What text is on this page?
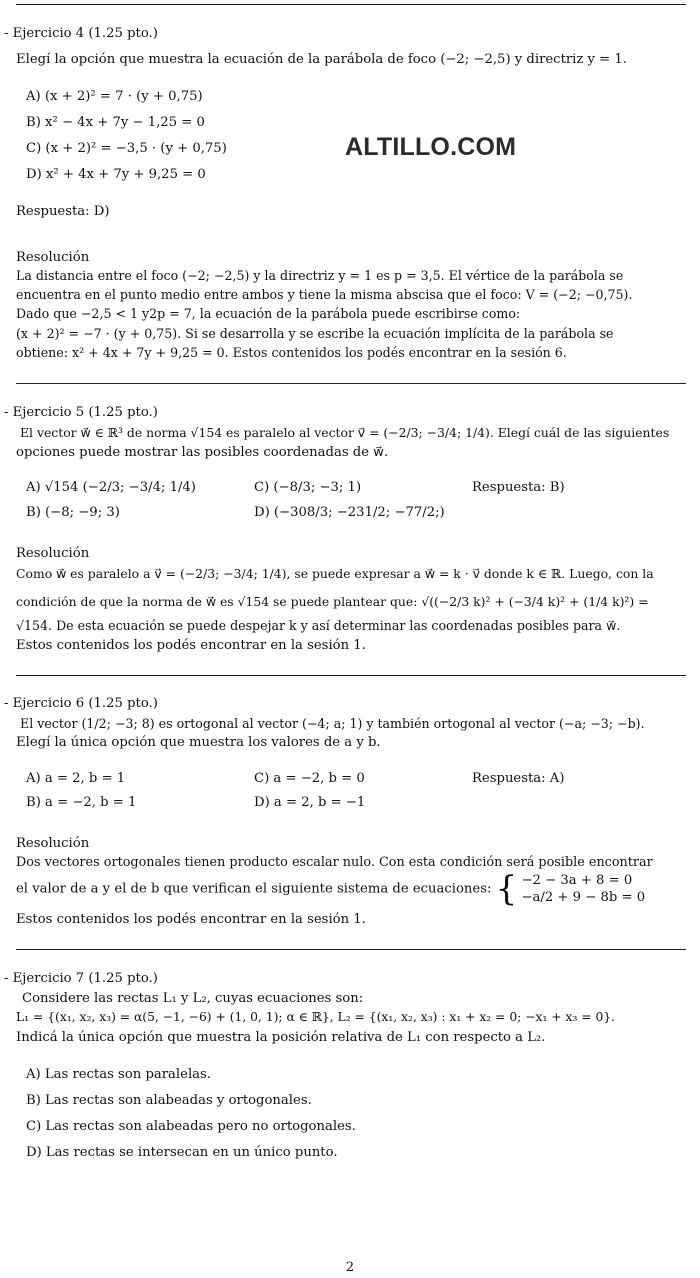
ALTILLO.COM
- Ejercicio 4 (1.25 pto.)
Elegí la opción que muestra la ecuación de la parábola de foco (−2; −2,5) y directriz y = 1.
A) (x + 2)² = 7 · (y + 0,75)
B) x² − 4x + 7y − 1,25 = 0
C) (x + 2)² = −3,5 · (y + 0,75)
D) x² + 4x + 7y + 9,25 = 0
Respuesta: D)
Resolución
La distancia entre el foco (−2; −2,5) y la directriz y = 1 es p = 3,5. El vértice de la parábola se
encuentra en el punto medio entre ambos y tiene la misma abscisa que el foco: V = (−2; −0,75).
Dado que −2,5 < 1 y2p = 7, la ecuación de la parábola puede escribirse como:
(x + 2)² = −7 · (y + 0,75). Si se desarrolla y se escribe la ecuación implícita de la parábola se
obtiene: x² + 4x + 7y + 9,25 = 0. Estos contenidos los podés encontrar en la sesión 6.
- Ejercicio 5 (1.25 pto.)
El vector w⃗ ∈ ℝ³ de norma √154 es paralelo al vector v⃗ = (−2/3; −3/4; 1/4). Elegí cuál de las siguientes
opciones puede mostrar las posibles coordenadas de w⃗.
A) √154 (−2/3; −3/4; 1/4)
B) (−8; −9; 3)
C) (−8/3; −3; 1)
D) (−308/3; −231/2; −77/2;)
Respuesta: B)
Resolución
Como w⃗ es paralelo a v⃗ = (−2/3; −3/4; 1/4), se puede expresar a w⃗ = k · v⃗ donde k ∈ ℝ. Luego, con la
condición de que la norma de w⃗ es √154 se puede plantear que: √((−2/3 k)² + (−3/4 k)² + (1/4 k)²) =
√154. De esta ecuación se puede despejar k y así determinar las coordenadas posibles para w⃗.
Estos contenidos los podés encontrar en la sesión 1.
- Ejercicio 6 (1.25 pto.)
El vector (1/2; −3; 8) es ortogonal al vector (−4; a; 1) y también ortogonal al vector (−a; −3; −b).
Elegí la única opción que muestra los valores de a y b.
A) a = 2, b = 1
B) a = −2, b = 1
C) a = −2, b = 0
D) a = 2, b = −1
Respuesta: A)
Resolución
Dos vectores ortogonales tienen producto escalar nulo. Con esta condición será posible encontrar
el valor de a y el de b que verifican el siguiente sistema de ecuaciones: { −2 − 3a + 8 = 0
−a/2 + 9 − 8b = 0
Estos contenidos los podés encontrar en la sesión 1.
- Ejercicio 7 (1.25 pto.)
Considere las rectas L₁ y L₂, cuyas ecuaciones son:
L₁ = {(x₁, x₂, x₃) = α(5, −1, −6) + (1, 0, 1); α ∈ ℝ}, L₂ = {(x₁, x₂, x₃) : x₁ + x₂ = 0; −x₁ + x₃ = 0}.
Indicá la única opción que muestra la posición relativa de L₁ con respecto a L₂.
A) Las rectas son paralelas.
B) Las rectas son alabeadas y ortogonales.
C) Las rectas son alabeadas pero no ortogonales.
D) Las rectas se intersecan en un único punto.
2
